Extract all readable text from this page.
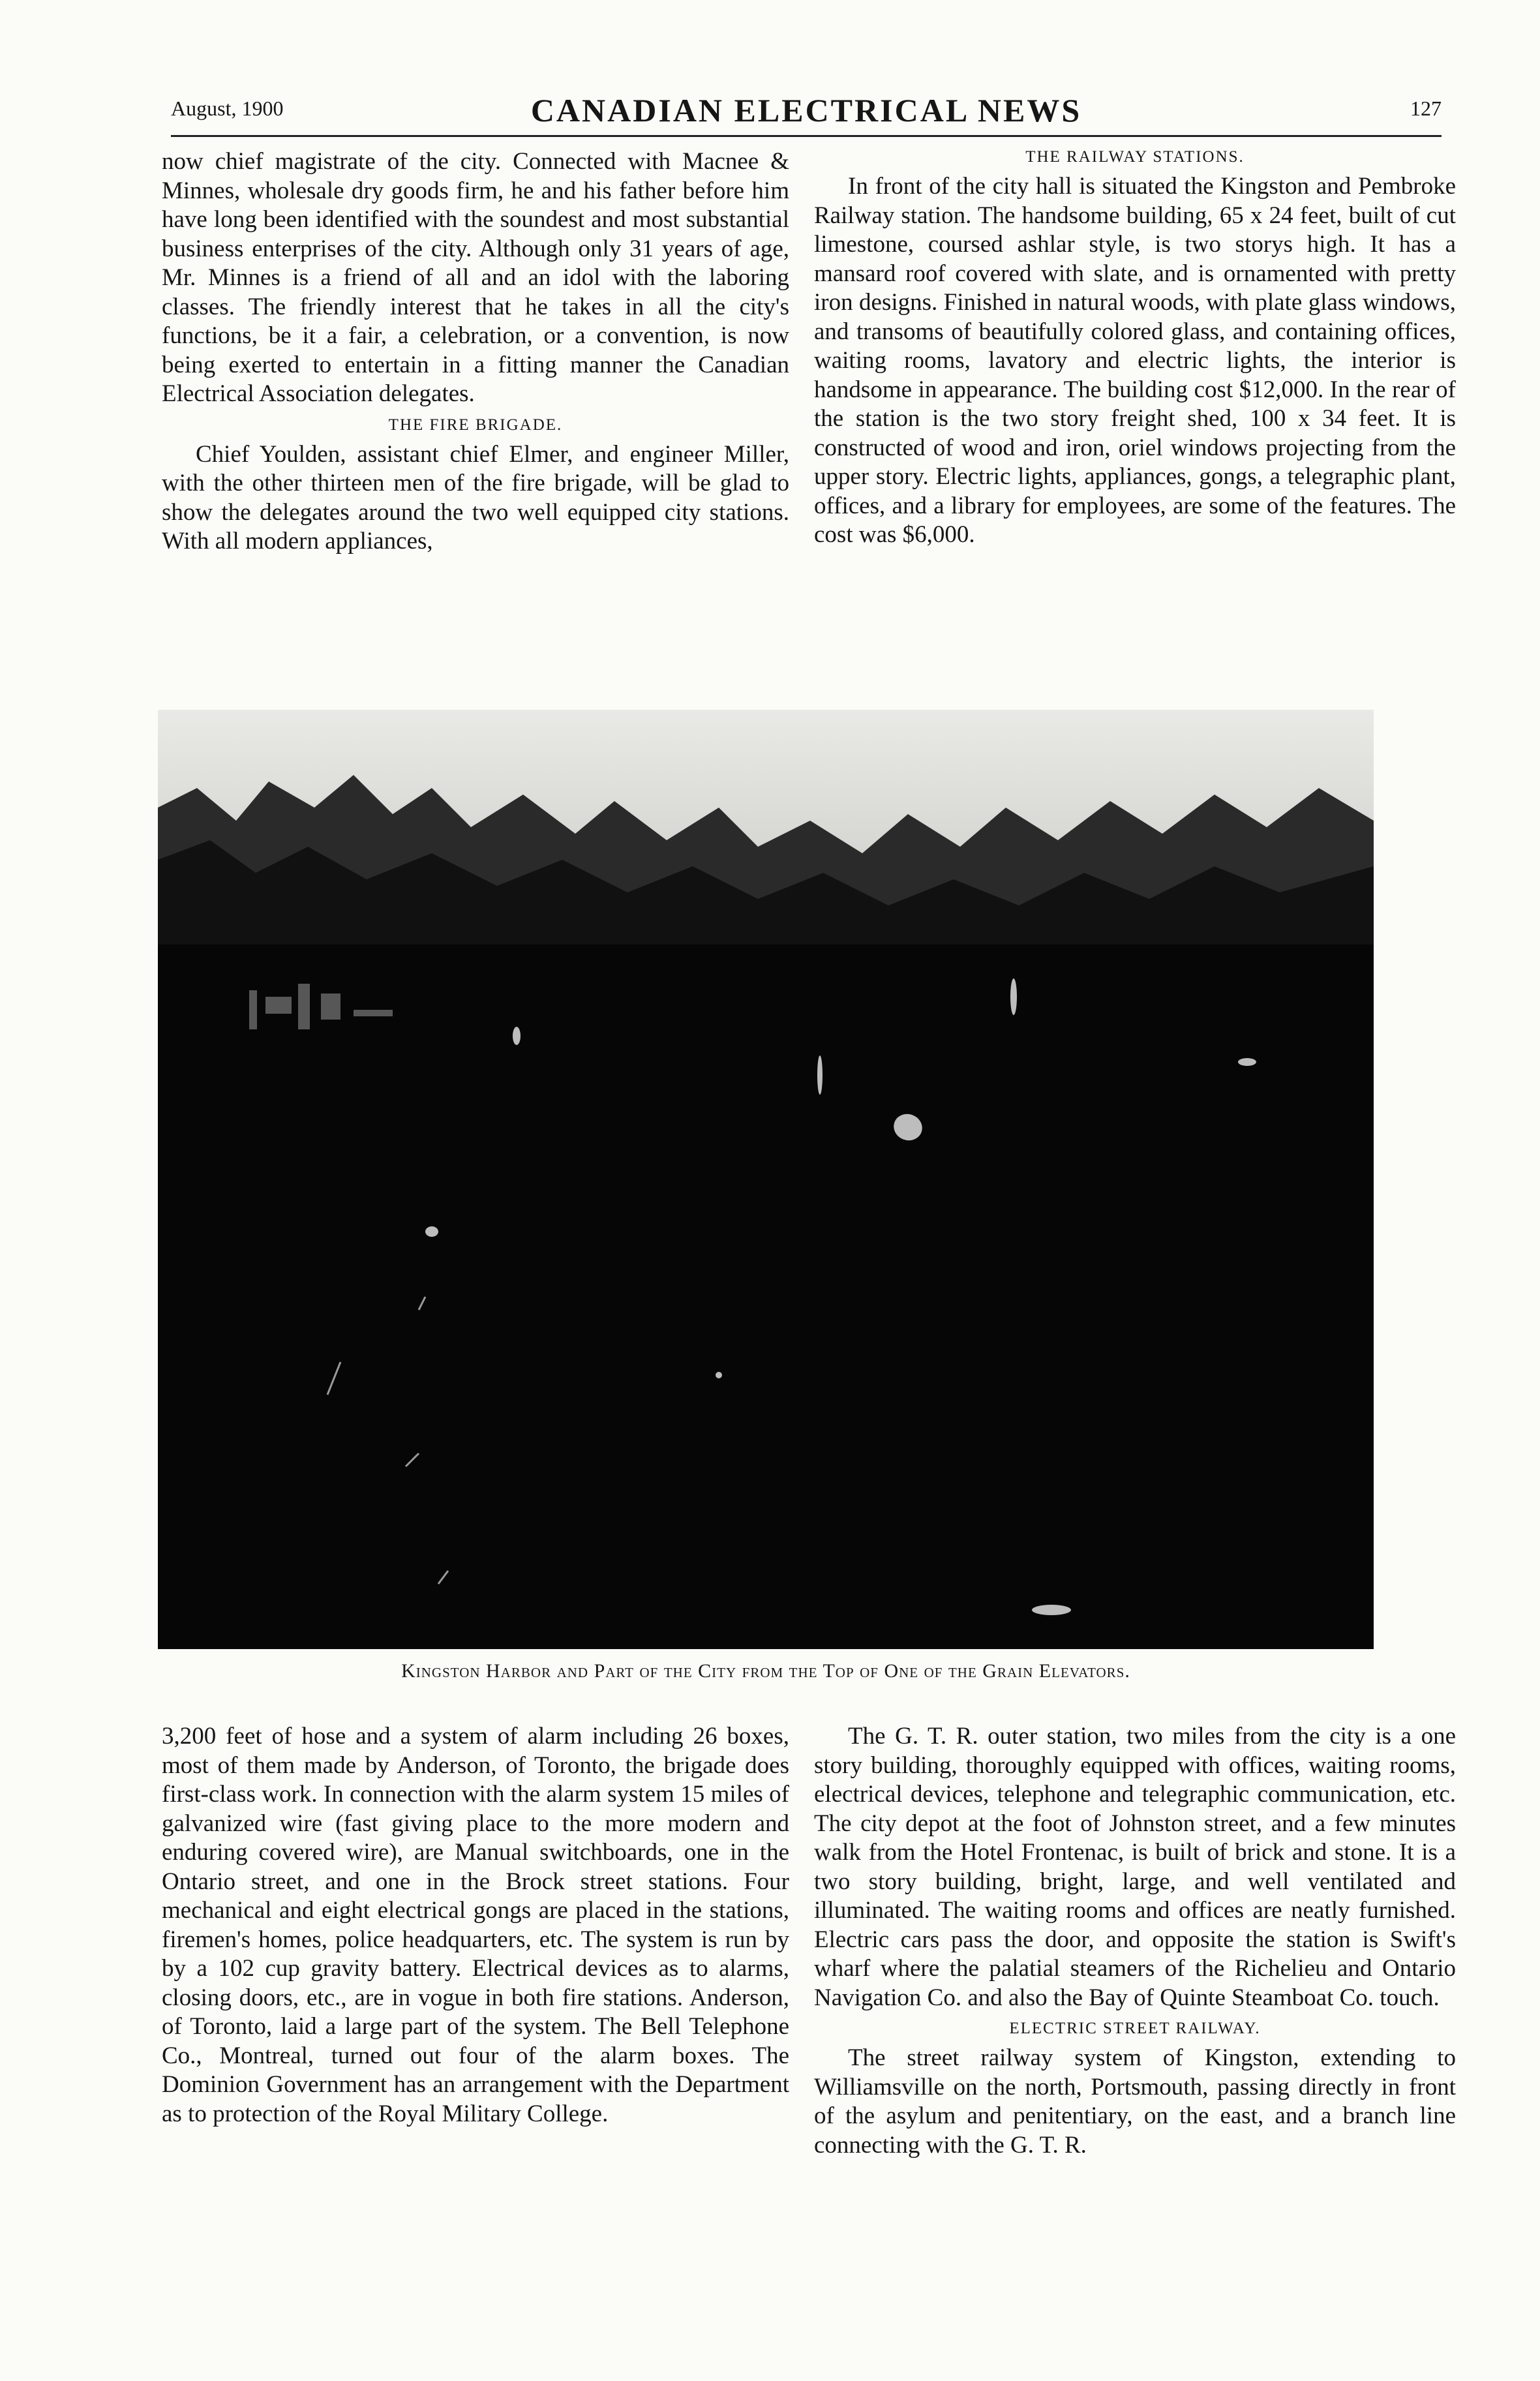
August, 1900	CANADIAN ELECTRICAL NEWS	127

now chief magistrate of the city. Connected with Macnee & Minnes, wholesale dry goods firm, he and his father before him have long been identified with the soundest and most substantial business enterprises of the city. Although only 31 years of age, Mr. Minnes is a friend of all and an idol with the laboring classes. The friendly interest that he takes in all the city's functions, be it a fair, a celebration, or a convention, is now being exerted to entertain in a fitting manner the Canadian Electrical Association delegates.

THE FIRE BRIGADE.

Chief Youlden, assistant chief Elmer, and engineer Miller, with the other thirteen men of the fire brigade, will be glad to show the delegates around the two well equipped city stations. With all modern appliances,

THE RAILWAY STATIONS.

In front of the city hall is situated the Kingston and Pembroke Railway station. The handsome building, 65 x 24 feet, built of cut limestone, coursed ashlar style, is two storys high. It has a mansard roof covered with slate, and is ornamented with pretty iron designs. Finished in natural woods, with plate glass windows, and transoms of beautifully colored glass, and containing offices, waiting rooms, lavatory and electric lights, the interior is handsome in appearance. The building cost $12,000. In the rear of the station is the two story freight shed, 100 x 34 feet. It is constructed of wood and iron, oriel windows projecting from the upper story. Electric lights, appliances, gongs, a telegraphic plant, offices, and a library for employees, are some of the features. The cost was $6,000.

Kingston Harbor and Part of the City from the Top of One of the Grain Elevators.

3,200 feet of hose and a system of alarm including 26 boxes, most of them made by Anderson, of Toronto, the brigade does first-class work. In connection with the alarm system 15 miles of galvanized wire (fast giving place to the more modern and enduring covered wire), are Manual switchboards, one in the Ontario street, and one in the Brock street stations. Four mechanical and eight electrical gongs are placed in the stations, firemen's homes, police headquarters, etc. The system is run by by a 102 cup gravity battery. Electrical devices as to alarms, closing doors, etc., are in vogue in both fire stations. Anderson, of Toronto, laid a large part of the system. The Bell Telephone Co., Montreal, turned out four of the alarm boxes. The Dominion Government has an arrangement with the Department as to protection of the Royal Military College.

The G. T. R. outer station, two miles from the city is a one story building, thoroughly equipped with offices, waiting rooms, electrical devices, telephone and telegraphic communication, etc. The city depot at the foot of Johnston street, and a few minutes walk from the Hotel Frontenac, is built of brick and stone. It is a two story building, bright, large, and well ventilated and illuminated. The waiting rooms and offices are neatly furnished. Electric cars pass the door, and opposite the station is Swift's wharf where the palatial steamers of the Richelieu and Ontario Navigation Co. and also the Bay of Quinte Steamboat Co. touch.

ELECTRIC STREET RAILWAY.

The street railway system of Kingston, extending to Williamsville on the north, Portsmouth, passing directly in front of the asylum and penitentiary, on the east, and a branch line connecting with the G. T. R.
